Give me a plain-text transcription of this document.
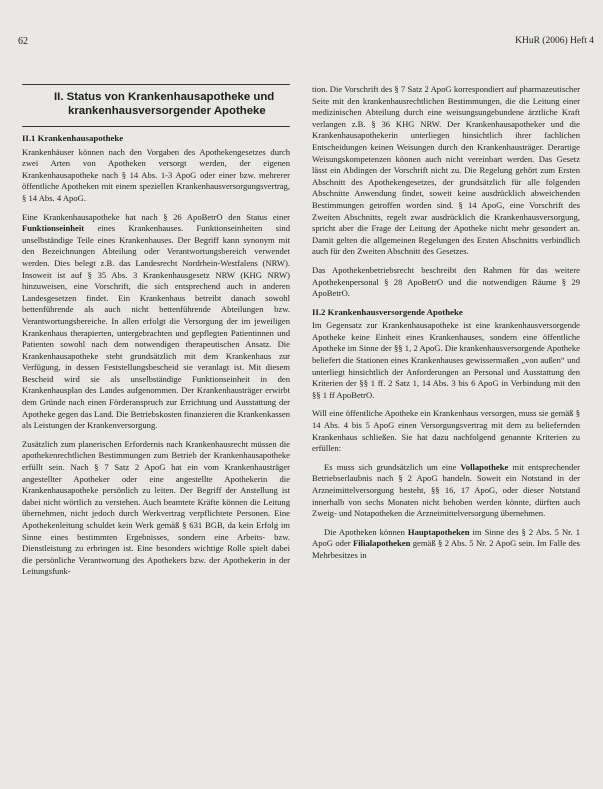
62	KHuR (2006) Heft 4
II. Status von Krankenhausapotheke und krankenhausversorgender Apotheke
II.1 Krankenhausapotheke

Krankenhäuser können nach den Vorgaben des Apothekengesetzes durch zwei Arten von Apotheken versorgt werden, der eigenen Krankenhausapotheke nach § 14 Abs. 1-3 ApoG oder einer bzw. mehrerer öffentliche Apotheken mit einem speziellen Krankenhausversorgungsvertrag, § 14 Abs. 4 ApoG.

Eine Krankenhausapotheke hat nach § 26 ApoBetrO den Status einer Funktionseinheit eines Krankenhauses. Funktionseinheiten sind unselbständige Teile eines Krankenhauses. Der Begriff kann synonym mit den Bezeichnungen Abteilung oder Verantwortungsbereich verwendet werden. Dies belegt z.B. das Landesrecht Nordrhein-Westfalens (NRW). Insoweit ist auf § 35 Abs. 3 Krankenhausgesetz NRW (KHG NRW) hinzuweisen, eine Vorschrift, die sich entsprechend auch in anderen Landesgesetzen findet. Ein Krankenhaus betreibt danach sowohl bettenführende als auch nicht bettenführende Abteilungen bzw. Verantwortungsbereiche. In allen erfolgt die Versorgung der im jeweiligen Krankenhaus therapierten, untergebrachten und gepflegten Patientinnen und Patienten sowohl nach dem notwendigen therapeutischen Ansatz. Die Krankenhausapotheke steht grundsätzlich mit dem Krankenhaus zur Verfügung, in dessen Feststellungsbescheid sie veranlagt ist. Mit diesem Bescheid wird sie als unselbständige Funktionseinheit in den Krankenhausplan des Landes aufgenommen. Der Krankenhausträger erwirbt dem Gründe nach einen Förderanspruch zur Errichtung und Ausstattung der Apotheke gegen das Land. Die Betriebskosten finanzieren die Krankenkassen als Leistungen der Krankenversorgung.

Zusätzlich zum planerischen Erfordernis nach Krankenhausrecht müssen die apothekenrechtlichen Bestimmungen zum Betrieb der Krankenhausapotheke erfüllt sein. Nach § 7 Satz 2 ApoG hat ein vom Krankenhausträger angestellter Apotheker oder eine angestellte Apothekerin die Krankenhausapotheke persönlich zu leiten. Der Begriff der Anstellung ist dabei nicht wörtlich zu verstehen. Auch beamtete Kräfte können die Leitung übernehmen, nicht jedoch durch Werkvertrag verpflichtete Personen. Eine Apothekenleitung schuldet kein Werk gemäß § 631 BGB, da kein Erfolg im Sinne eines bestimmten Ergebnisses, sondern eine Arbeits- bzw. Dienstleistung zu erbringen ist. Eine besonders wichtige Rolle spielt dabei die persönliche Verantwortung des Apothekers bzw. der Apothekerin in der Leitungsfunk-

tion. Die Vorschrift des § 7 Satz 2 ApoG korrespondiert auf pharmazeutischer Seite mit den krankenhausrechtlichen Bestimmungen, die die Leitung einer medizinischen Abteilung durch eine weisungsungebundene ärztliche Kraft verlangen z.B. § 36 KHG NRW. Der Krankenhausapotheker und die Krankenhausapothekerin unterliegen hinsichtlich ihrer fachlichen Entscheidungen keinen Weisungen durch den Krankenhausträger. Derartige Weisungskompetenzen können auch nicht vereinbart werden. Das Gesetz lässt ein Abdingen der Vorschrift nicht zu. Die Regelung gehört zum Ersten Abschnitt des Apothekengesetzes, der grundsätzlich für alle folgenden Abschnitte Anwendung findet, soweit keine ausdrücklich abweichenden Bestimmungen getroffen worden sind. § 14 ApoG, eine Vorschrift des Zweiten Abschnitts, regelt zwar ausdrücklich die Krankenhausversorgung, spricht aber die Frage der Leitung der Apotheke nicht mehr gesondert an. Damit gelten die allgemeinen Regelungen des Ersten Abschnitts verbindlich auch für den Zweiten Abschnitt des Gesetzes.

Das Apothekenbetriebsrecht beschreibt den Rahmen für das weitere Apothekenpersonal § 28 ApoBetrO und die notwendigen Räume § 29 ApoBetrO.

II.2 Krankenhausversorgende Apotheke

Im Gegensatz zur Krankenhausapotheke ist eine krankenhausversorgende Apotheke keine Einheit eines Krankenhauses, sondern eine öffentliche Apotheke im Sinne der §§ 1, 2 ApoG. Die krankenhausversorgende Apotheke beliefert die Stationen eines Krankenhauses gewissermaßen „von außen“ und unterliegt hinsichtlich der Anforderungen an Personal und Ausstattung den Kriterien der §§ 1 ff. 2 Satz 1, 14 Abs. 3 bis 6 ApoG in Verbindung mit den §§ 1 ff ApoBetrO.

Will eine öffentliche Apotheke ein Krankenhaus versorgen, muss sie gemäß § 14 Abs. 4 bis 5 ApoG einen Versorgungsvertrag mit dem zu beliefernden Krankenhaus schließen. Sie hat dazu nachfolgend genannte Kriterien zu erfüllen:

Es muss sich grundsätzlich um eine Vollapotheke mit entsprechender Betriebserlaubnis nach § 2 ApoG handeln. Soweit ein Notstand in der Arzneimittelversorgung besteht, §§ 16, 17 ApoG, oder dieser Notstand innerhalb von sechs Monaten nicht behoben werden könnte, dürften auch Zweig- und Notapotheken die Arzneimittelversorgung übernehmen.

Die Apotheken können Hauptapotheken im Sinne des § 2 Abs. 5 Nr. 1 ApoG oder Filialapotheken gemäß § 2 Abs. 5 Nr. 2 ApoG sein. Im Falle des Mehrbesitzes in
